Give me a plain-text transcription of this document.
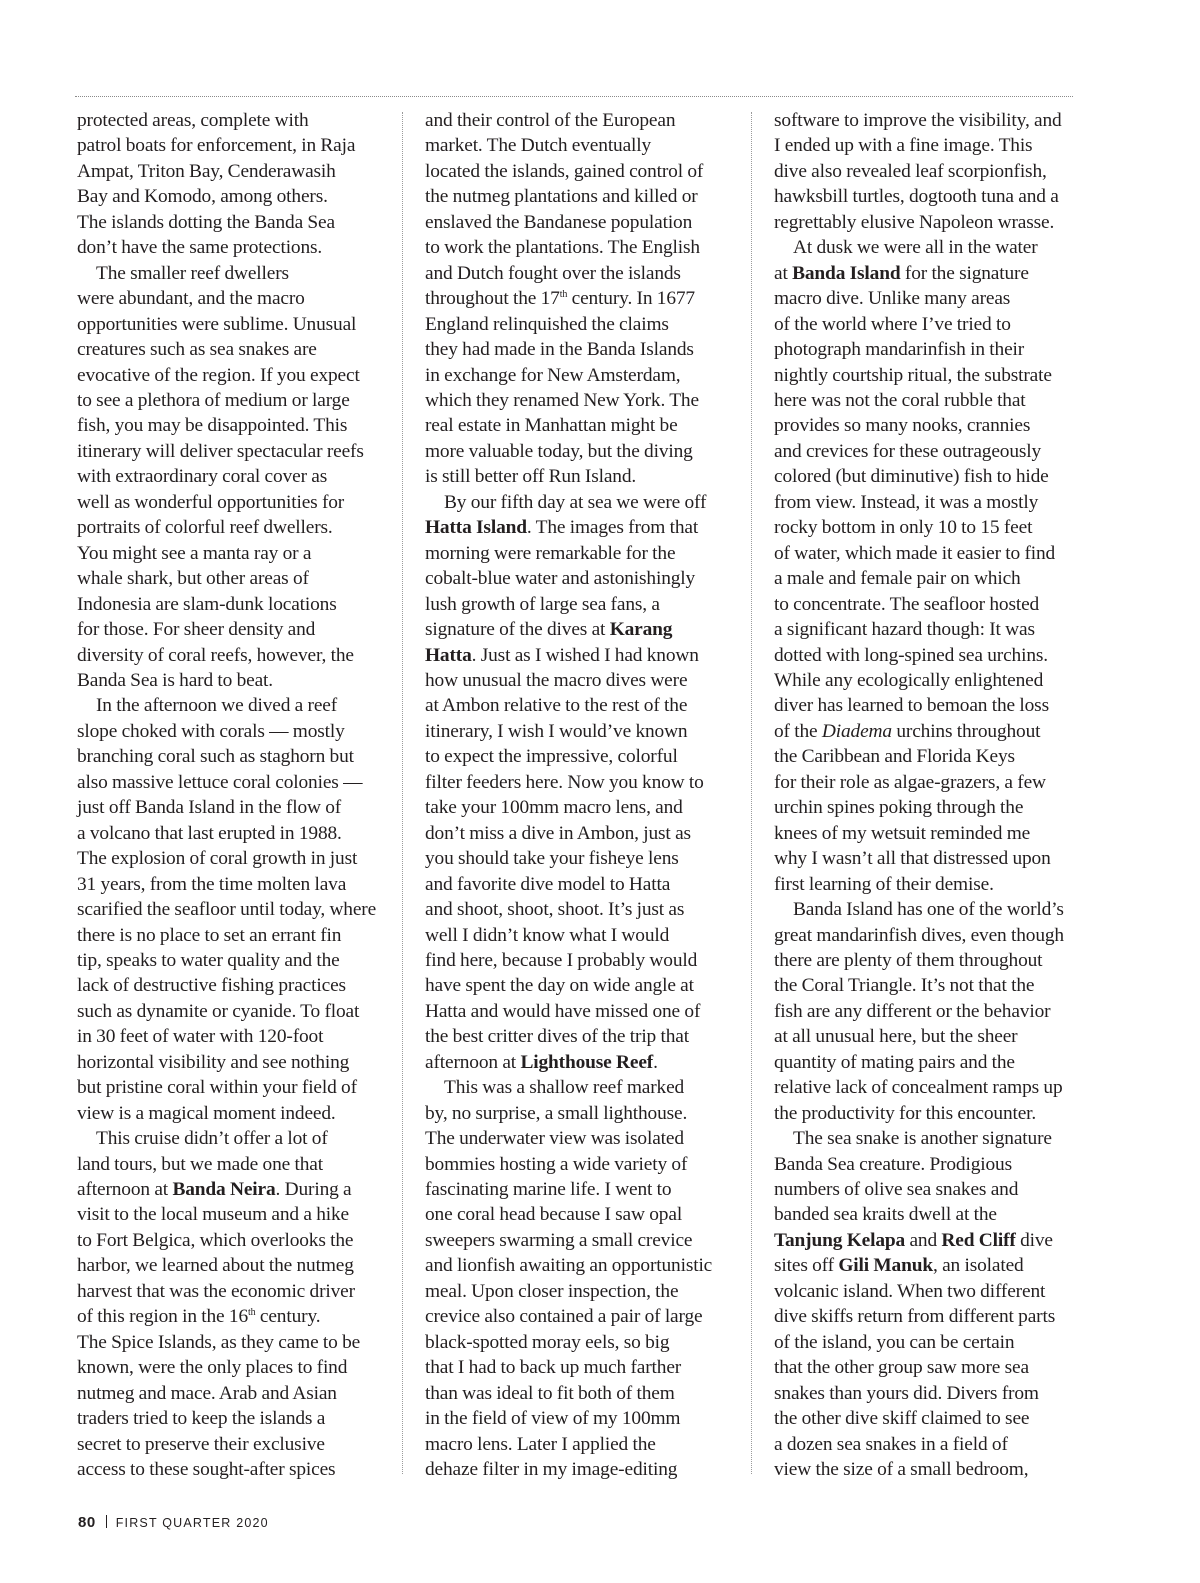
protected areas, complete with
patrol boats for enforcement, in Raja
Ampat, Triton Bay, Cenderawasih
Bay and Komodo, among others.
The islands dotting the Banda Sea
don’t have the same protections.
The smaller reef dwellers
were abundant, and the macro
opportunities were sublime. Unusual
creatures such as sea snakes are
evocative of the region. If you expect
to see a plethora of medium or large
fish, you may be disappointed. This
itinerary will deliver spectacular reefs
with extraordinary coral cover as
well as wonderful opportunities for
portraits of colorful reef dwellers.
You might see a manta ray or a
whale shark, but other areas of
Indonesia are slam-dunk locations
for those. For sheer density and
diversity of coral reefs, however, the
Banda Sea is hard to beat.
In the afternoon we dived a reef
slope choked with corals — mostly
branching coral such as staghorn but
also massive lettuce coral colonies —
just off Banda Island in the flow of
a volcano that last erupted in 1988.
The explosion of coral growth in just
31 years, from the time molten lava
scarified the seafloor until today, where
there is no place to set an errant fin
tip, speaks to water quality and the
lack of destructive fishing practices
such as dynamite or cyanide. To float
in 30 feet of water with 120-foot
horizontal visibility and see nothing
but pristine coral within your field of
view is a magical moment indeed.
This cruise didn’t offer a lot of
land tours, but we made one that
afternoon at Banda Neira. During a
visit to the local museum and a hike
to Fort Belgica, which overlooks the
harbor, we learned about the nutmeg
harvest that was the economic driver
of this region in the 16th century.
The Spice Islands, as they came to be
known, were the only places to find
nutmeg and mace. Arab and Asian
traders tried to keep the islands a
secret to preserve their exclusive
access to these sought-after spices
and their control of the European
market. The Dutch eventually
located the islands, gained control of
the nutmeg plantations and killed or
enslaved the Bandanese population
to work the plantations. The English
and Dutch fought over the islands
throughout the 17th century. In 1677
England relinquished the claims
they had made in the Banda Islands
in exchange for New Amsterdam,
which they renamed New York. The
real estate in Manhattan might be
more valuable today, but the diving
is still better off Run Island.
By our fifth day at sea we were off
Hatta Island. The images from that
morning were remarkable for the
cobalt-blue water and astonishingly
lush growth of large sea fans, a
signature of the dives at Karang
Hatta. Just as I wished I had known
how unusual the macro dives were
at Ambon relative to the rest of the
itinerary, I wish I would’ve known
to expect the impressive, colorful
filter feeders here. Now you know to
take your 100mm macro lens, and
don’t miss a dive in Ambon, just as
you should take your fisheye lens
and favorite dive model to Hatta
and shoot, shoot, shoot. It’s just as
well I didn’t know what I would
find here, because I probably would
have spent the day on wide angle at
Hatta and would have missed one of
the best critter dives of the trip that
afternoon at Lighthouse Reef.
This was a shallow reef marked
by, no surprise, a small lighthouse.
The underwater view was isolated
bommies hosting a wide variety of
fascinating marine life. I went to
one coral head because I saw opal
sweepers swarming a small crevice
and lionfish awaiting an opportunistic
meal. Upon closer inspection, the
crevice also contained a pair of large
black-spotted moray eels, so big
that I had to back up much farther
than was ideal to fit both of them
in the field of view of my 100mm
macro lens. Later I applied the
dehaze filter in my image-editing
software to improve the visibility, and
I ended up with a fine image. This
dive also revealed leaf scorpionfish,
hawksbill turtles, dogtooth tuna and a
regrettably elusive Napoleon wrasse.
At dusk we were all in the water
at Banda Island for the signature
macro dive. Unlike many areas
of the world where I’ve tried to
photograph mandarinfish in their
nightly courtship ritual, the substrate
here was not the coral rubble that
provides so many nooks, crannies
and crevices for these outrageously
colored (but diminutive) fish to hide
from view. Instead, it was a mostly
rocky bottom in only 10 to 15 feet
of water, which made it easier to find
a male and female pair on which
to concentrate. The seafloor hosted
a significant hazard though: It was
dotted with long-spined sea urchins.
While any ecologically enlightened
diver has learned to bemoan the loss
of the Diadema urchins throughout
the Caribbean and Florida Keys
for their role as algae-grazers, a few
urchin spines poking through the
knees of my wetsuit reminded me
why I wasn’t all that distressed upon
first learning of their demise.
Banda Island has one of the world’s
great mandarinfish dives, even though
there are plenty of them throughout
the Coral Triangle. It’s not that the
fish are any different or the behavior
at all unusual here, but the sheer
quantity of mating pairs and the
relative lack of concealment ramps up
the productivity for this encounter.
The sea snake is another signature
Banda Sea creature. Prodigious
numbers of olive sea snakes and
banded sea kraits dwell at the
Tanjung Kelapa and Red Cliff dive
sites off Gili Manuk, an isolated
volcanic island. When two different
dive skiffs return from different parts
of the island, you can be certain
that the other group saw more sea
snakes than yours did. Divers from
the other dive skiff claimed to see
a dozen sea snakes in a field of
view the size of a small bedroom,
80 FIRST QUARTER 2020
